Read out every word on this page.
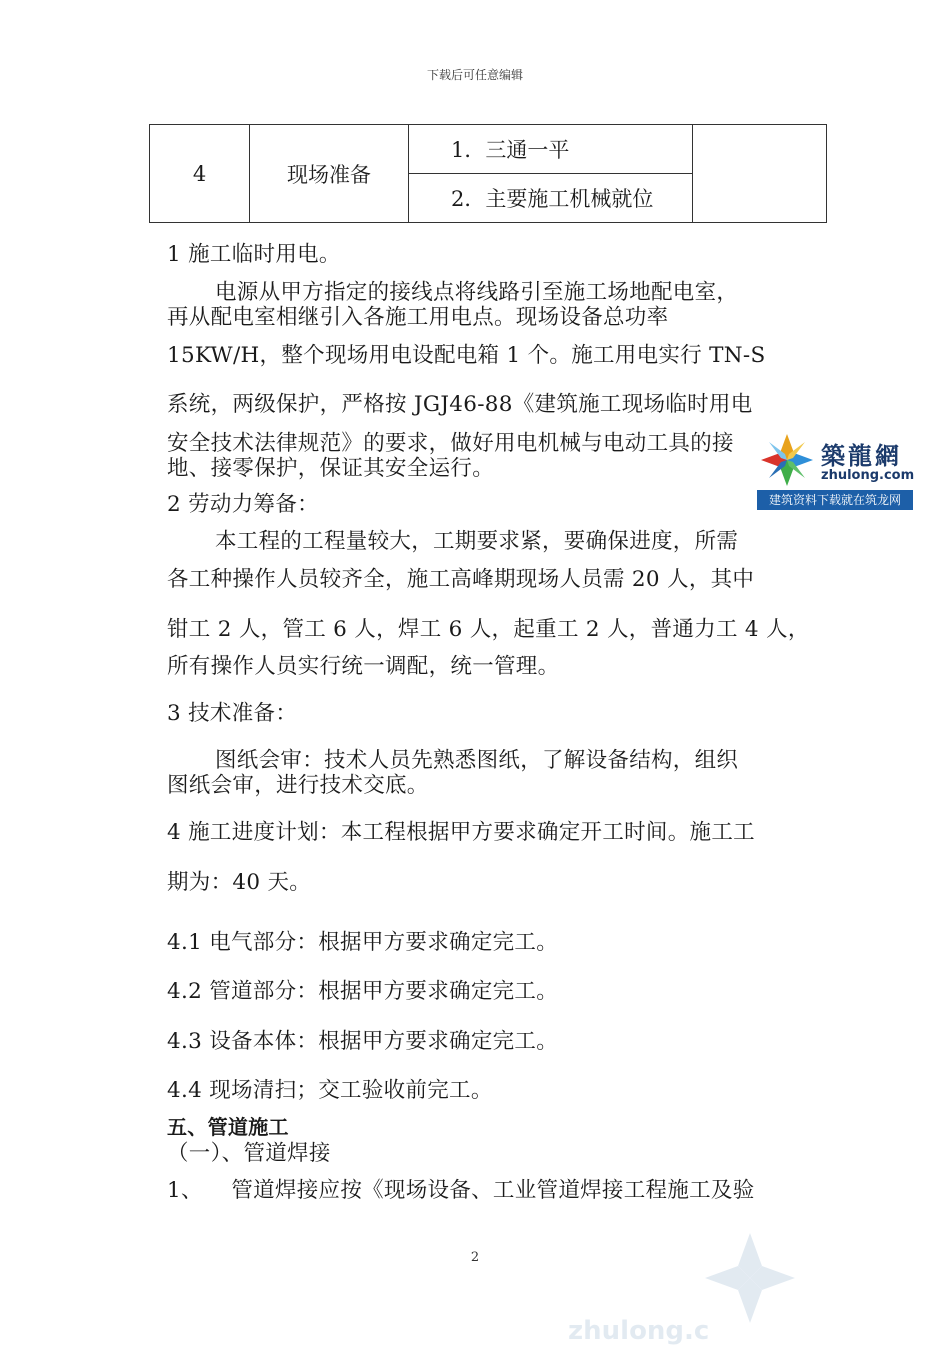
下载后可任意编辑
4	现场准备	1．三通一平	
2．主要施工机械就位
1 施工临时用电。
电源从甲方指定的接线点将线路引至施工场地配电室，
再从配电室相继引入各施工用电点。现场设备总功率
15KW/H，整个现场用电设配电箱 1 个。施工用电实行 TN-S
系统，两级保护，严格按 JGJ46-88《建筑施工现场临时用电
安全技术法律规范》的要求，做好用电机械与电动工具的接
地、接零保护，保证其安全运行。
2 劳动力筹备：
本工程的工程量较大，工期要求紧，要确保进度，所需
各工种操作人员较齐全，施工高峰期现场人员需 20 人，其中
钳工 2 人，管工 6 人，焊工 6 人，起重工 2 人，普通力工 4 人，
所有操作人员实行统一调配，统一管理。
3 技术准备：
图纸会审：技术人员先熟悉图纸，了解设备结构，组织
图纸会审，进行技术交底。
4 施工进度计划：本工程根据甲方要求确定开工时间。施工工
期为：40 天。
4.1 电气部分：根据甲方要求确定完工。
4.2 管道部分：根据甲方要求确定完工。
4.3 设备本体：根据甲方要求确定完工。
4.4 现场清扫；交工验收前完工。
五、管道施工
（一）、管道焊接
1、    管道焊接应按《现场设备、工业管道焊接工程施工及验
2
築龍網
zhulong.com
建筑资料下载就在筑龙网
zhulong.c
